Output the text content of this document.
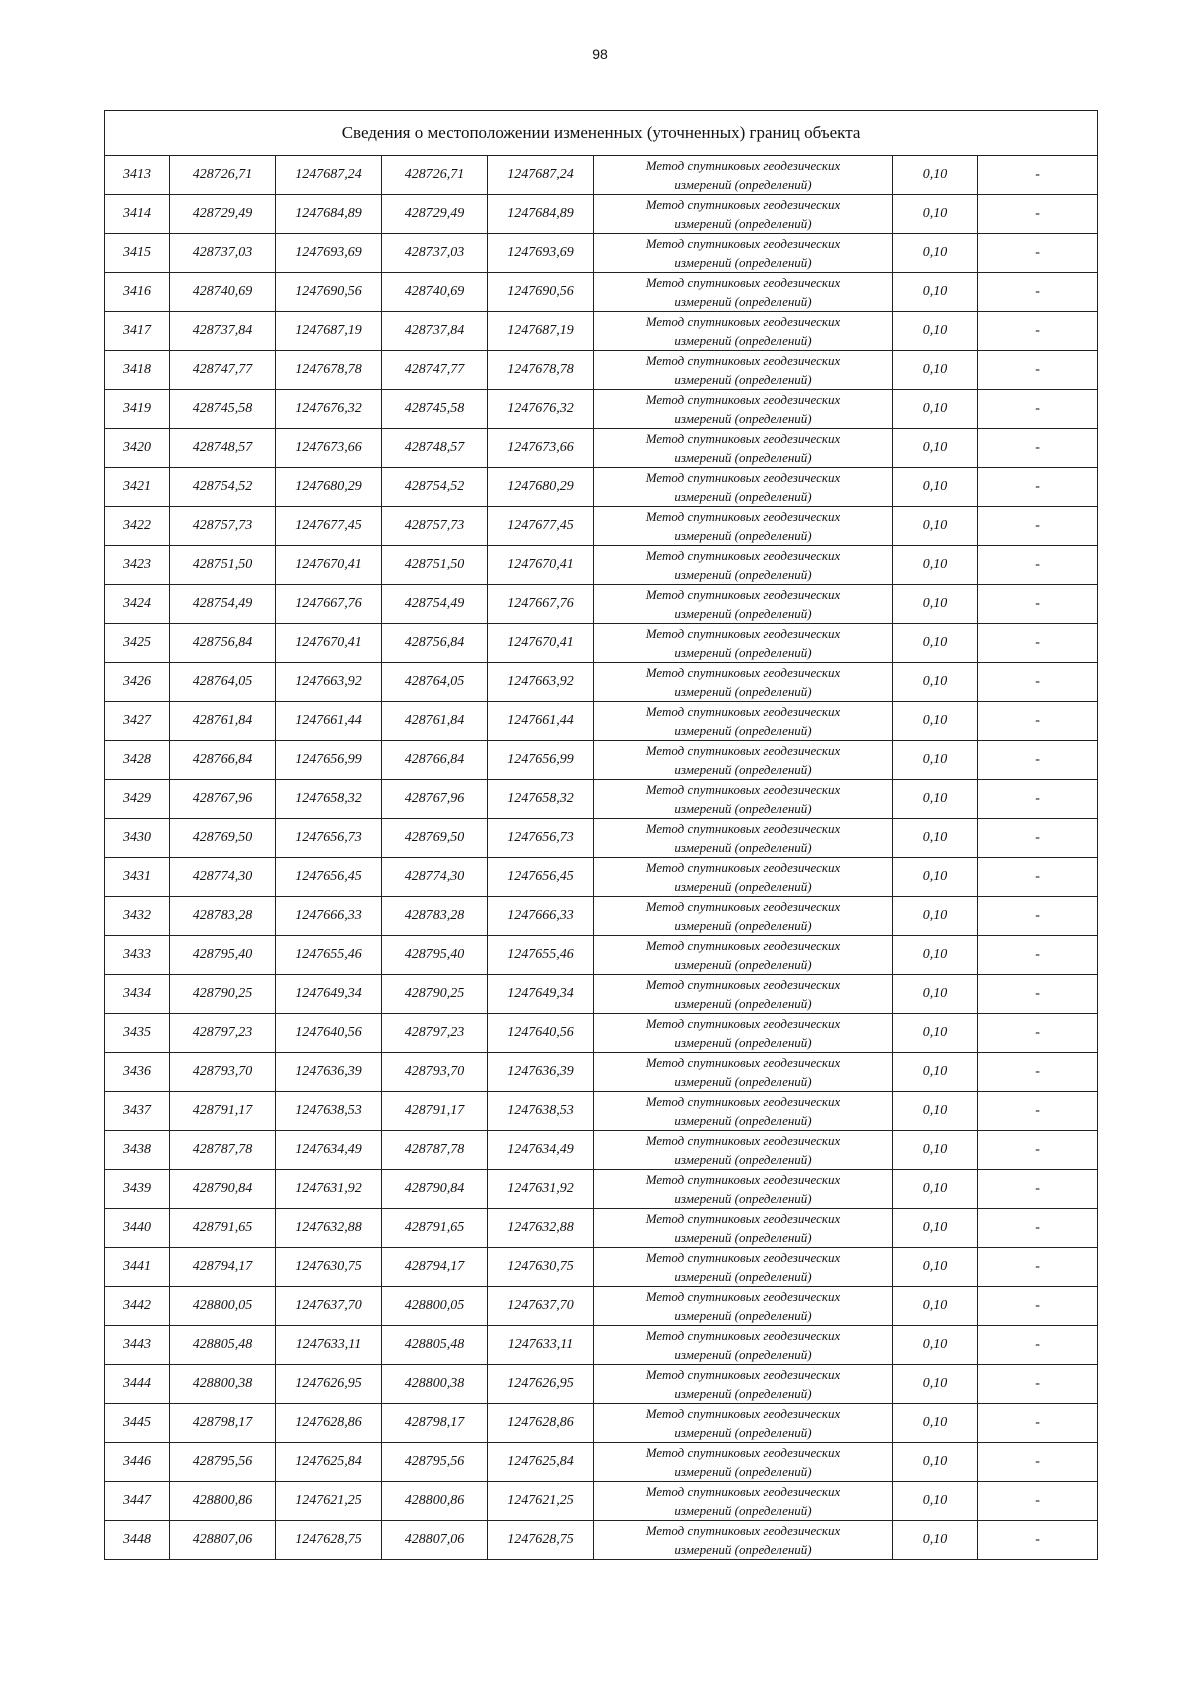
98
Сведения о местоположении измененных (уточненных) границ объекта							
3413	428726,71	1247687,24	428726,71	1247687,24	Метод спутниковых геодезических
измерений (определений)	0,10	-
3414	428729,49	1247684,89	428729,49	1247684,89	Метод спутниковых геодезических
измерений (определений)	0,10	-
3415	428737,03	1247693,69	428737,03	1247693,69	Метод спутниковых геодезических
измерений (определений)	0,10	-
3416	428740,69	1247690,56	428740,69	1247690,56	Метод спутниковых геодезических
измерений (определений)	0,10	-
3417	428737,84	1247687,19	428737,84	1247687,19	Метод спутниковых геодезических
измерений (определений)	0,10	-
3418	428747,77	1247678,78	428747,77	1247678,78	Метод спутниковых геодезических
измерений (определений)	0,10	-
3419	428745,58	1247676,32	428745,58	1247676,32	Метод спутниковых геодезических
измерений (определений)	0,10	-
3420	428748,57	1247673,66	428748,57	1247673,66	Метод спутниковых геодезических
измерений (определений)	0,10	-
3421	428754,52	1247680,29	428754,52	1247680,29	Метод спутниковых геодезических
измерений (определений)	0,10	-
3422	428757,73	1247677,45	428757,73	1247677,45	Метод спутниковых геодезических
измерений (определений)	0,10	-
3423	428751,50	1247670,41	428751,50	1247670,41	Метод спутниковых геодезических
измерений (определений)	0,10	-
3424	428754,49	1247667,76	428754,49	1247667,76	Метод спутниковых геодезических
измерений (определений)	0,10	-
3425	428756,84	1247670,41	428756,84	1247670,41	Метод спутниковых геодезических
измерений (определений)	0,10	-
3426	428764,05	1247663,92	428764,05	1247663,92	Метод спутниковых геодезических
измерений (определений)	0,10	-
3427	428761,84	1247661,44	428761,84	1247661,44	Метод спутниковых геодезических
измерений (определений)	0,10	-
3428	428766,84	1247656,99	428766,84	1247656,99	Метод спутниковых геодезических
измерений (определений)	0,10	-
3429	428767,96	1247658,32	428767,96	1247658,32	Метод спутниковых геодезических
измерений (определений)	0,10	-
3430	428769,50	1247656,73	428769,50	1247656,73	Метод спутниковых геодезических
измерений (определений)	0,10	-
3431	428774,30	1247656,45	428774,30	1247656,45	Метод спутниковых геодезических
измерений (определений)	0,10	-
3432	428783,28	1247666,33	428783,28	1247666,33	Метод спутниковых геодезических
измерений (определений)	0,10	-
3433	428795,40	1247655,46	428795,40	1247655,46	Метод спутниковых геодезических
измерений (определений)	0,10	-
3434	428790,25	1247649,34	428790,25	1247649,34	Метод спутниковых геодезических
измерений (определений)	0,10	-
3435	428797,23	1247640,56	428797,23	1247640,56	Метод спутниковых геодезических
измерений (определений)	0,10	-
3436	428793,70	1247636,39	428793,70	1247636,39	Метод спутниковых геодезических
измерений (определений)	0,10	-
3437	428791,17	1247638,53	428791,17	1247638,53	Метод спутниковых геодезических
измерений (определений)	0,10	-
3438	428787,78	1247634,49	428787,78	1247634,49	Метод спутниковых геодезических
измерений (определений)	0,10	-
3439	428790,84	1247631,92	428790,84	1247631,92	Метод спутниковых геодезических
измерений (определений)	0,10	-
3440	428791,65	1247632,88	428791,65	1247632,88	Метод спутниковых геодезических
измерений (определений)	0,10	-
3441	428794,17	1247630,75	428794,17	1247630,75	Метод спутниковых геодезических
измерений (определений)	0,10	-
3442	428800,05	1247637,70	428800,05	1247637,70	Метод спутниковых геодезических
измерений (определений)	0,10	-
3443	428805,48	1247633,11	428805,48	1247633,11	Метод спутниковых геодезических
измерений (определений)	0,10	-
3444	428800,38	1247626,95	428800,38	1247626,95	Метод спутниковых геодезических
измерений (определений)	0,10	-
3445	428798,17	1247628,86	428798,17	1247628,86	Метод спутниковых геодезических
измерений (определений)	0,10	-
3446	428795,56	1247625,84	428795,56	1247625,84	Метод спутниковых геодезических
измерений (определений)	0,10	-
3447	428800,86	1247621,25	428800,86	1247621,25	Метод спутниковых геодезических
измерений (определений)	0,10	-
3448	428807,06	1247628,75	428807,06	1247628,75	Метод спутниковых геодезических
измерений (определений)	0,10	-
